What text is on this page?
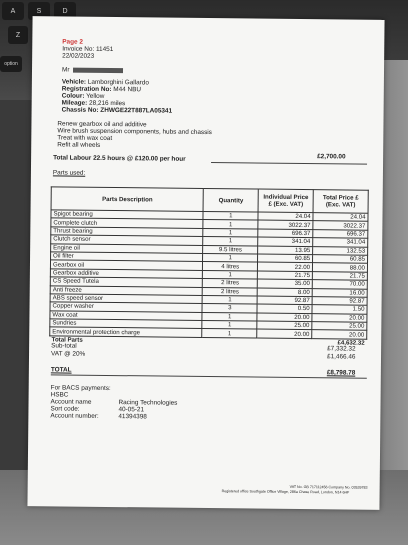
A	S	D
Z
option
Page 2
Invoice No: 11451
22/02/2023
Mr
Vehicle: Lamborghini Gallardo
Registration No: M44 NBU
Colour: Yellow
Mileage: 28,216 miles
Chassis No: ZHWGE22T887LA05341
Renew gearbox oil and additive
Wire brush suspension components, hubs and chassis
Treat with wax coat
Refit all wheels
Total Labour 22.5 hours @ £120.00 per hour	£2,700.00
Parts used:
Parts Description	Quantity	Individual Price £ (Exc. VAT)	Total Price £ (Exc. VAT)
Spigot bearing	1	24.04	24.04
Complete clutch	1	3022.37	3022.37
Thrust bearing	1	696.37	696.37
Clutch sensor	1	341.04	341.04
Engine oil	9.5 litres	13.95	132.53
Oil filter	1	60.85	60.85
Gearbox oil	4 litres	22.00	88.00
Gearbox additive	1	21.75	21.75
CS Speed Tutela	2 litres	35.00	70.00
Anti freeze	2 litres	8.00	16.00
ABS speed sensor	1	92.87	92.87
Copper washer	3	0.50	1.50
Wax coat	1	20.00	20.00
Sundries	1	25.00	25.00
Environmental protection charge	1	20.00	20.00
Total Parts			£4,632.32
Sub-total	£7,332.32
VAT @ 20%	£1,466.46
TOTAL	£8,798.78
For BACS payments:
HSBC
Account name	Racing Technologies
Sort code:	40-05-21
Account number:	41394398
VAT No. GB 717112456 Company No. 03539783
Registered office Southgate Office Village, 286a Chase Road, London, N14 6HF
